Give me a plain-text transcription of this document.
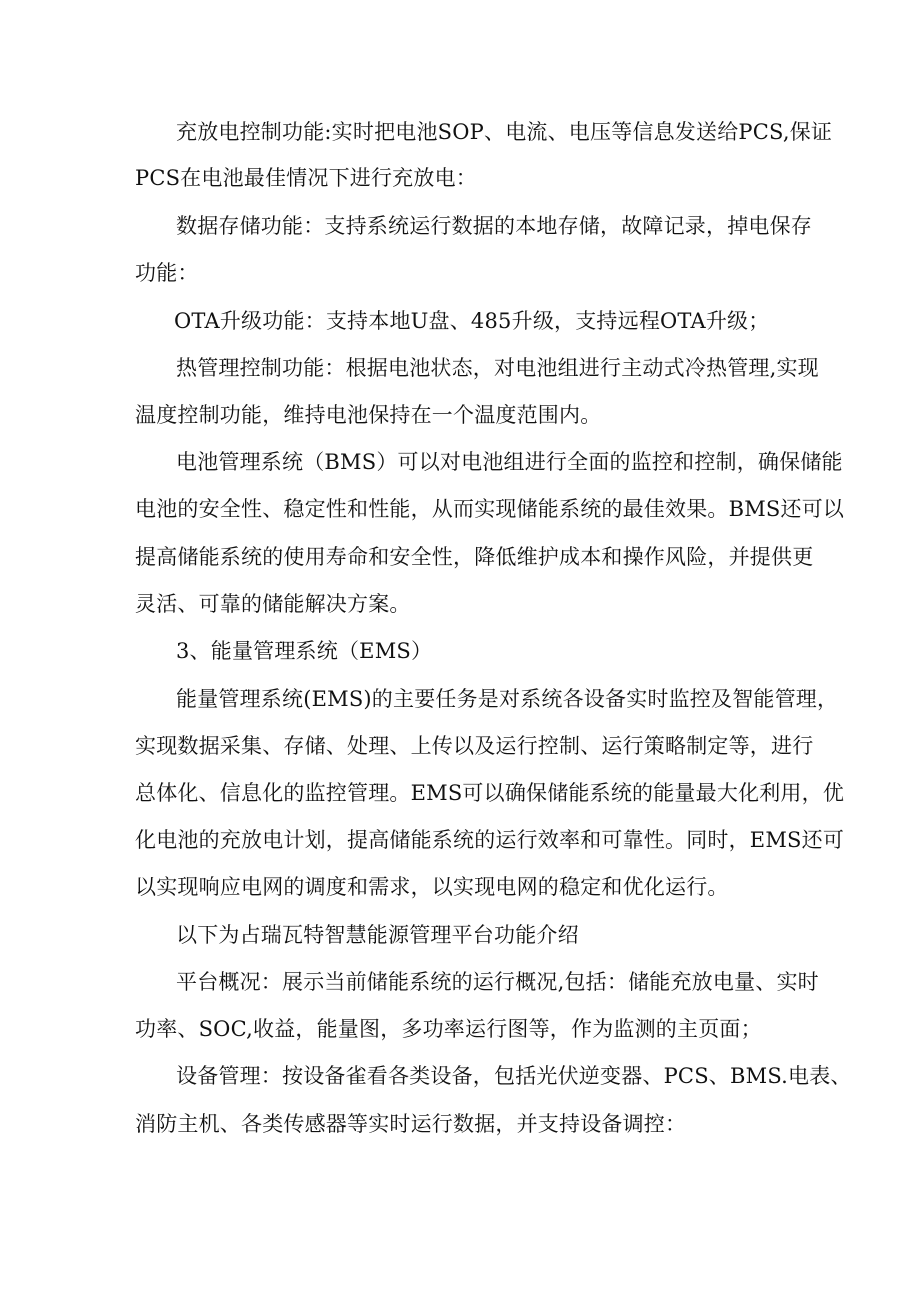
充放电控制功能:实时把电池SOP、电流、电压等信息发送给PCS,保证
PCS在电池最佳情况下进行充放电：
数据存储功能：支持系统运行数据的本地存储，故障记录，掉电保存
功能：
OTA升级功能：支持本地U盘、485升级，支持远程OTA升级；
热管理控制功能：根据电池状态，对电池组进行主动式冷热管理,实现
温度控制功能，维持电池保持在一个温度范围内。
电池管理系统（BMS）可以对电池组进行全面的监控和控制，确保储能
电池的安全性、稳定性和性能，从而实现储能系统的最佳效果。BMS还可以
提高储能系统的使用寿命和安全性，降低维护成本和操作风险，并提供更
灵活、可靠的储能解决方案。
3、能量管理系统（EMS）
能量管理系统(EMS)的主要任务是对系统各设备实时监控及智能管理，
实现数据采集、存储、处理、上传以及运行控制、运行策略制定等，进行
总体化、信息化的监控管理。EMS可以确保储能系统的能量最大化利用，优
化电池的充放电计划，提高储能系统的运行效率和可靠性。同时，EMS还可
以实现响应电网的调度和需求，以实现电网的稳定和优化运行。
以下为占瑞瓦特智慧能源管理平台功能介绍
平台概况：展示当前储能系统的运行概况,包括：储能充放电量、实时
功率、SOC,收益，能量图，多功率运行图等，作为监测的主页面；
设备管理：按设备雀看各类设备，包括光伏逆变器、PCS、BMS.电表、
消防主机、各类传感器等实时运行数据，并支持设备调控：
